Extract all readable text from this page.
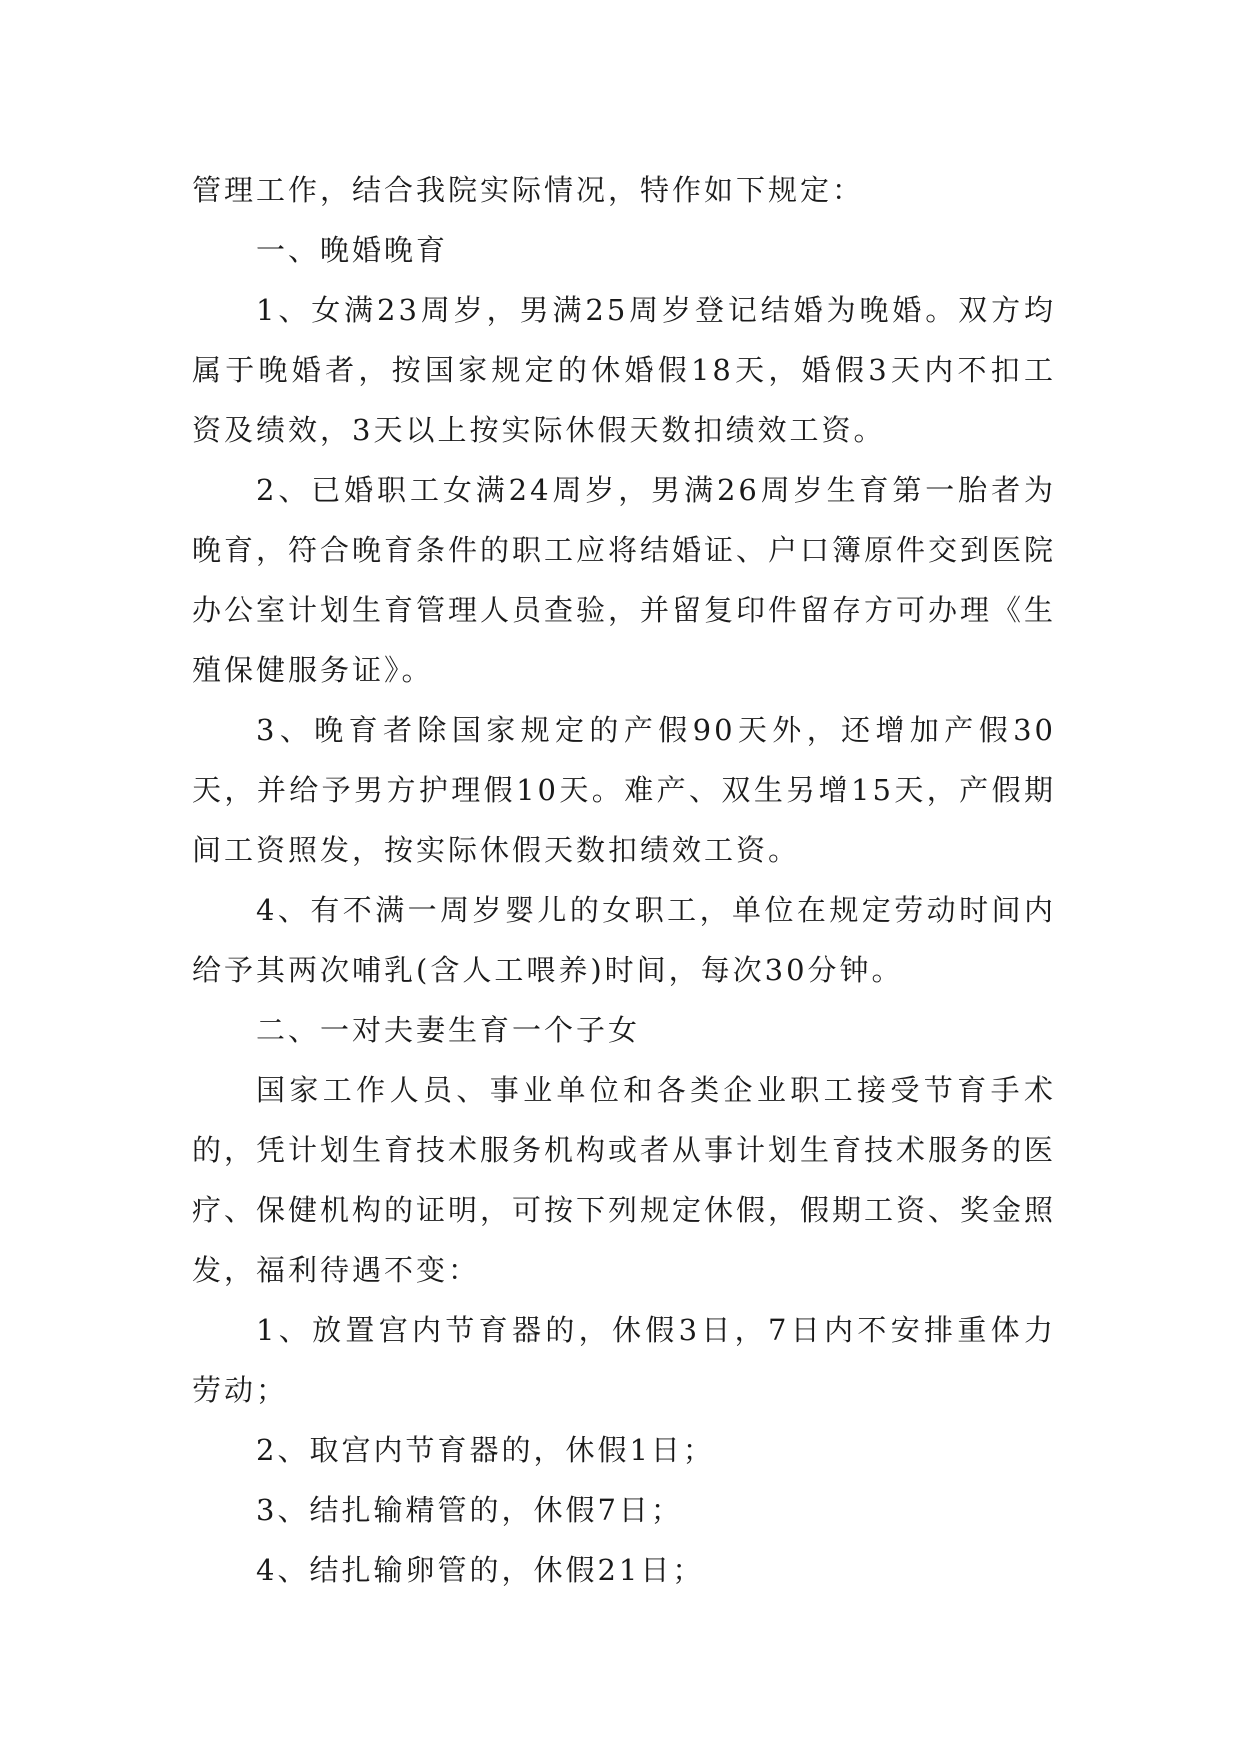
管理工作，结合我院实际情况，特作如下规定：

一、晚婚晚育

1、女满23周岁，男满25周岁登记结婚为晚婚。双方均属于晚婚者，按国家规定的休婚假18天，婚假3天内不扣工资及绩效，3天以上按实际休假天数扣绩效工资。

2、已婚职工女满24周岁，男满26周岁生育第一胎者为晚育，符合晚育条件的职工应将结婚证、户口簿原件交到医院办公室计划生育管理人员查验，并留复印件留存方可办理《生殖保健服务证》。

3、晚育者除国家规定的产假90天外，还增加产假30天，并给予男方护理假10天。难产、双生另增15天，产假期间工资照发，按实际休假天数扣绩效工资。

4、有不满一周岁婴儿的女职工，单位在规定劳动时间内给予其两次哺乳(含人工喂养)时间，每次30分钟。

二、一对夫妻生育一个子女

国家工作人员、事业单位和各类企业职工接受节育手术的，凭计划生育技术服务机构或者从事计划生育技术服务的医疗、保健机构的证明，可按下列规定休假，假期工资、奖金照发，福利待遇不变：

1、放置宫内节育器的，休假3日，7日内不安排重体力劳动；

2、取宫内节育器的，休假1日；

3、结扎输精管的，休假7日；

4、结扎输卵管的，休假21日；
